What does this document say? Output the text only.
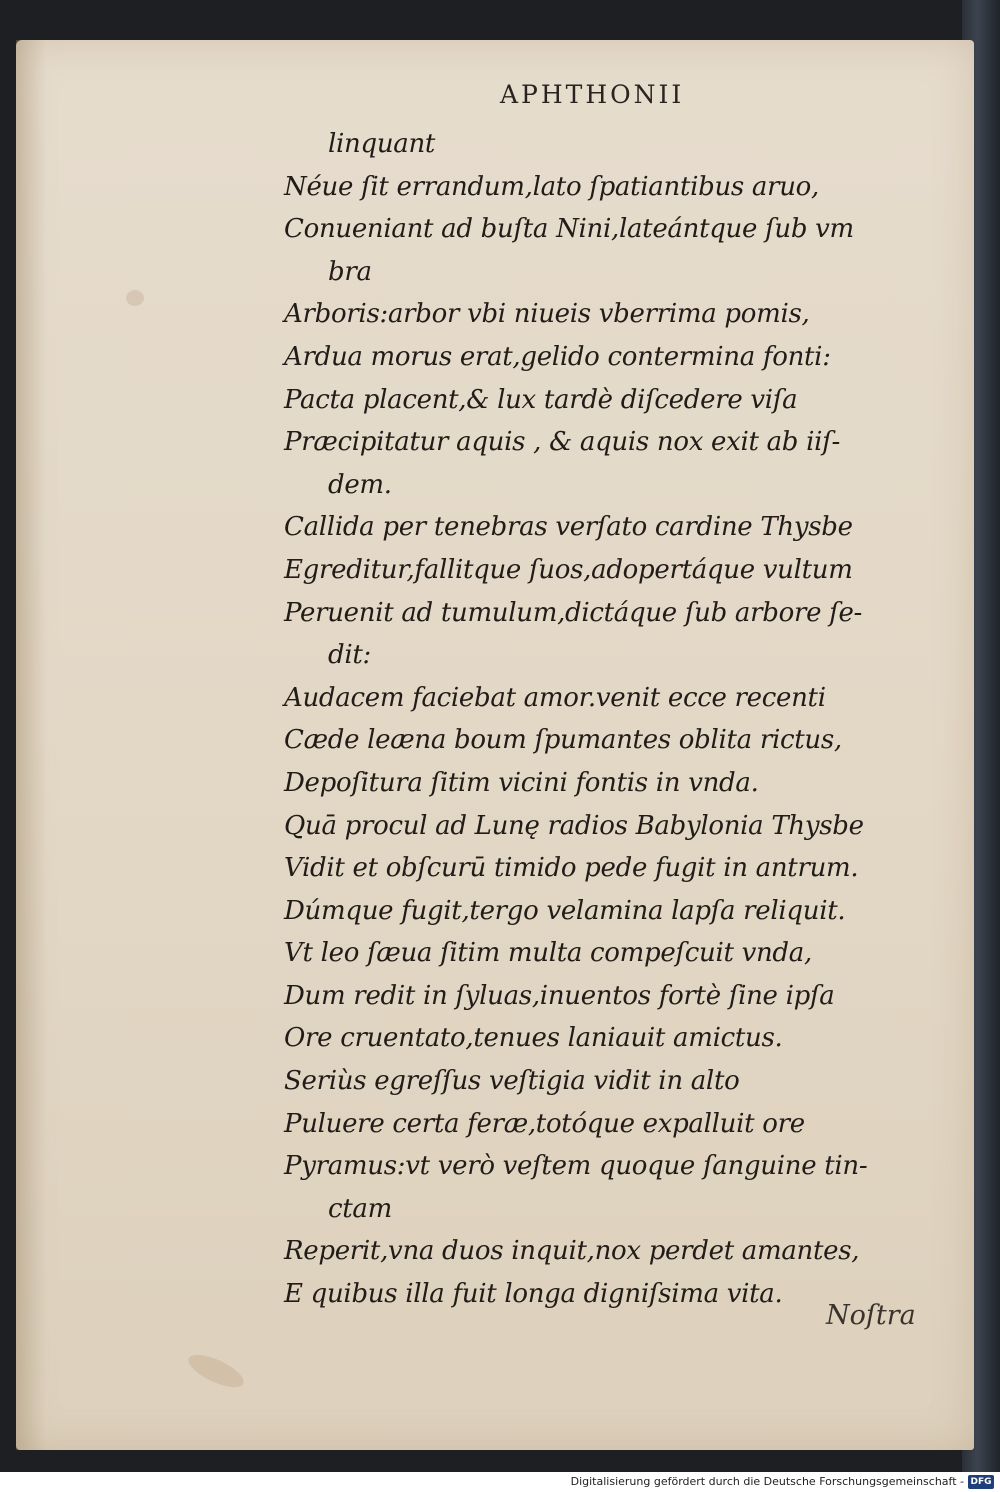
APHTHONII

linquant
Néue ſit errandum,lato ſpatiantibus aruo,
Conueniant ad buſta Nini,lateántque ſub vm
bra
Arboris:arbor vbi niueis vberrima pomis,
Ardua morus erat,gelido contermina fonti:
Pacta placent,& lux tardè diſcedere viſa
Præcipitatur aquis , & aquis nox exit ab iiſ-
dem.
Callida per tenebras verſato cardine Thysbe
Egreditur,fallitque ſuos,adopertáque vultum
Peruenit ad tumulum,dictáque ſub arbore ſe-
dit:
Audacem faciebat amor.venit ecce recenti
Cæde leæna boum ſpumantes oblita rictus,
Depoſitura ſitim vicini fontis in vnda.
Quā procul ad Lunę radios Babylonia Thysbe
Vidit et obſcurū timido pede fugit in antrum.
Dúmque fugit,tergo velamina lapſa reliquit.
Vt leo ſæua ſitim multa compeſcuit vnda,
Dum redit in ſyluas,inuentos fortè ſine ipſa
Ore cruentato,tenues laniauit amictus.
Seriùs egreſſus veſtigia vidit in alto
Puluere certa feræ,totóque expalluit ore
Pyramus:vt verò veſtem quoque ſanguine tin-
ctam
Reperit,vna duos inquit,nox perdet amantes,
E quibus illa fuit longa digniſsima vita.

Noſtra

Digitalisierung gefördert durch die Deutsche Forschungsgemeinschaft - DFG
